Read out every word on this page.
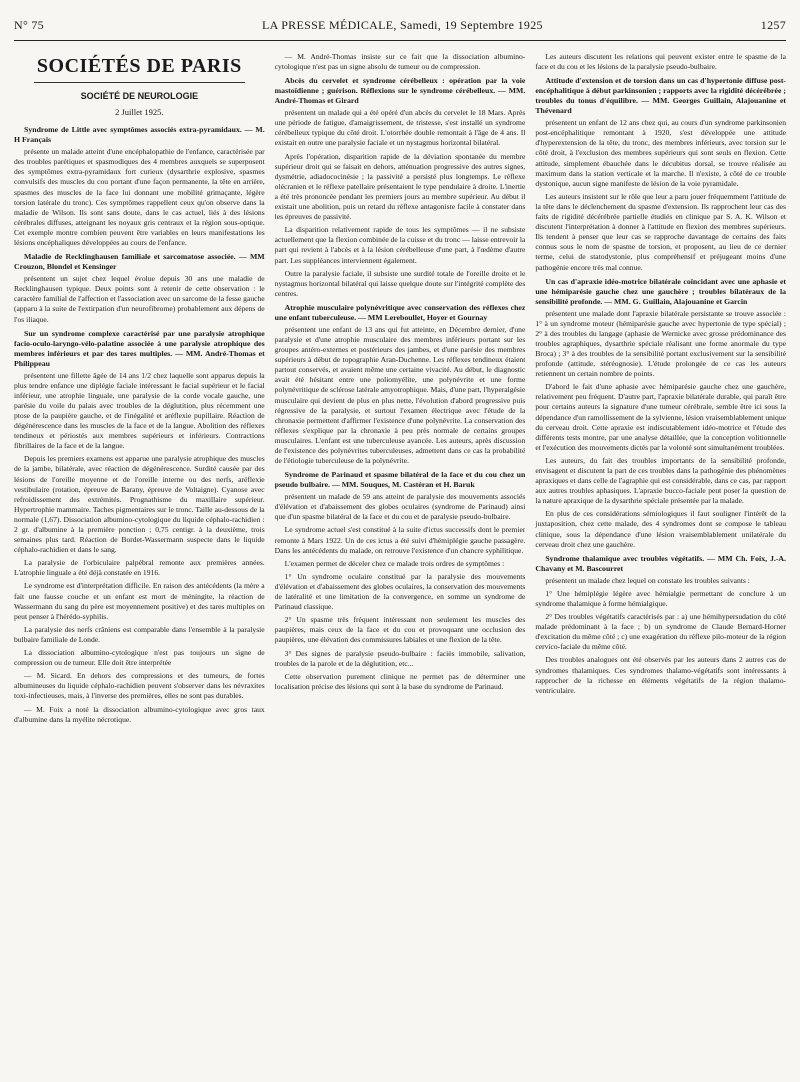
N° 75	LA PRESSE MÉDICALE, Samedi, 19 Septembre 1925	1257
SOCIÉTÉS DE PARIS
SOCIÉTÉ DE NEUROLOGIE
2 Juillet 1925.
Syndrome de Little avec symptômes associés extra-pyramidaux. — M. H Français

présente un malade atteint d'une encéphalopathie de l'enfance, caractérisée par des troubles parétiques et spasmodiques des 4 membres auxquels se superposent des symptômes extra-pyramidaux fort curieux (dysarthrie explosive, spasmes convulsifs des muscles du cou portant d'une façon permanente, la tête en arrière, spasmes des muscles de la face lui donnant une mobilité grimaçante, légère torsion latérale du tronc). Ces symptômes rappellent ceux qu'on observe dans la maladie de Wilson. Ils sont sans doute, dans le cas actuel, liés à des lésions cérébrales diffuses, atteignant les noyaux gris centraux et la région sous-optique. Cet exemple montre combien peuvent être variables en leurs manifestations les lésions encéphaliques développées au cours de l'enfance.

Maladie de Recklinghausen familiale et sarcomatose associée. — MM Crouzon, Blondel et Kensinger

présentent un sujet chez lequel évolue depuis 30 ans une maladie de Recklinghausen typique. Deux points sont à retenir de cette observation : le caractère familial de l'affection et l'association avec un sarcome de la fesse gauche (apparu à la suite de l'extirpation d'un neurofibrome) probablement aux dépens de l'os iliaque.

Sur un syndrome complexe caractérisé par une paralysie atrophique facio-oculo-laryngo-vélo-palatine associée à une paralysie atrophique des membres inférieurs et par des tares multiples. — MM. André-Thomas et Philippeau

présentent une fillette âgée de 14 ans 1/2 chez laquelle sont apparus depuis la plus tendre enfance une diplégie faciale intéressant le facial supérieur et le facial inférieur, une atrophie linguale, une paralysie de la corde vocale gauche, une parésie du voile du palais avec troubles de la déglutition, plus récemment une ptose de la paupière gauche, et de l'inégalité et aréflexie pupillaire. Réaction de dégénérescence dans les muscles de la face et de la langue. Abolition des réflexes tendineux et périostés aux membres supérieurs et inférieurs. Contractions fibrillaires de la face et de la langue.

Depuis les premiers examens est apparue une paralysie atrophique des muscles de la jambe, bilatérale, avec réaction de dégénérescence. Surdité causée par des lésions de l'oreille moyenne et de l'oreille interne ou des nerfs, aréflexie vestibulaire (rotation, épreuve de Barany, épreuve de Voltaigne). Cyanose avec refroidissement des extrémités. Prognathisme du maxillaire supérieur. Hypertrophie mammaire. Taches pigmentaires sur le tronc. Taille au-dessous de la normale (1,67). Dissociation albumino-cytologique du liquide céphalo-rachidien : 2 gr. d'albumine à la première ponction ; 0,75 centigr. à la deuxième, trois semaines plus tard. Réaction de Bordet-Wassermann suspecte dans le liquide céphalo-rachidien et dans le sang.

La paralysie de l'orbiculaire palpébral remonte aux premières années. L'atrophie linguale a été déjà constatée en 1916.

Le syndrome est d'interprétation difficile. En raison des antécédents (la mère a fait une fausse couche et un enfant est mort de méningite, la réaction de Wassermann du sang du père est moyennement positive) et des tares multiples on peut penser à l'hérédo-syphilis.

La paralysie des nerfs crâniens est comparable dans l'ensemble à la paralysie bulbaire familiale de Londe.

La dissociation albumino-cytologique n'est pas toujours un signe de compression ou de tumeur. Elle doit être interprétée

— M. Sicard. En dehors des compressions et des tumeurs, de fortes albumineuses du liquide céphalo-rachidien peuvent s'observer dans les névraxites toxi-infectieuses, mais, à l'inverse des premières, elles ne sont pas durables.

— M. Foix a noté la dissociation albumino-cytologique avec gros taux d'albumine dans la myélite nécrotique.

— M. André-Thomas insiste sur ce fait que la dissociation albumino-cytologique n'est pas un signe absolu de tumeur ou de compression.

Abcès du cervelet et syndrome cérébelleux : opération par la voie mastoïdienne ; guérison. Réflexions sur le syndrome cérébelleux. — MM. André-Thomas et Girard

présentent un malade qui a été opéré d'un abcès du cervelet le 18 Mars. Après une période de fatigue, d'amaigrissement, de tristesse, s'est installé un syndrome cérébelleux typique du côté droit. L'otorrhée double remontait à l'âge de 4 ans. Il existait en outre une paralysie faciale et un nystagmus horizontal bilatéral.

Après l'opération, disparition rapide de la déviation spontanée du membre supérieur droit qui se faisait en dehors, atténuation progressive des autres signes, dysmétrie, adiadococinésie ; la passivité a persisté plus longtemps. Le réflexe olécranien et le réflexe patellaire présentaient le type pendulaire à droite. L'inertie a été très prononcée pendant les premiers jours au membre supérieur. Au début il existait une abolition, puis un retard du réflexe antagoniste facile à constater dans les épreuves de passivité.

La disparition relativement rapide de tous les symptômes — il ne subsiste actuellement que la flexion combinée de la cuisse et du tronc — laisse entrevoir la part qui revient à l'abcès et à la lésion cérébelleuse d'une part, à l'œdème d'autre part. Les suppléances interviennent également.

Outre la paralysie faciale, il subsiste une surdité totale de l'oreille droite et le nystagmus horizontal bilatéral qui laisse quelque doute sur l'intégrité complète des centres.

Atrophie musculaire polynévritique avec conservation des réflexes chez une enfant tuberculeuse. — MM Lereboullet, Hoyer et Gournay

présentent une enfant de 13 ans qui fut atteinte, en Décembre dernier, d'une paralysie et d'une atrophie musculaire des membres inférieurs portant sur les groupes antéro-externes et postérieurs des jambes, et d'une parésie des membres supérieurs à début de topographie Aran-Duchenne. Les réflexes tendineux étaient partout conservés, et avaient même une certaine vivacité. Au début, le diagnostic avait été hésitant entre une poliomyélite, une polynévrite et une forme polynévritique de sclérose latérale amyotrophique. Mais, d'une part, l'hyperalgésie musculaire qui devient de plus en plus nette, l'évolution d'abord progressive puis régressive de la paralysie, et surtout l'examen électrique avec l'étude de la chronaxie permettent d'affirmer l'existence d'une polynévrite. La conservation des réflexes s'explique par la chronaxie à peu près normale de certains groupes musculaires. L'enfant est une tuberculeuse avancée. Les auteurs, après discussion de l'existence des polynévrites tuberculeuses, admettent dans ce cas la probabilité de l'étiologie tuberculeuse de la polynévrite.

Syndrome de Parinaud et spasme bilatéral de la face et du cou chez un pseudo bulbaire. — MM. Souques, M. Castéran et H. Baruk

présentent un malade de 59 ans atteint de paralysie des mouvements associés d'élévation et d'abaissement des globes oculaires (syndrome de Parinaud) ainsi que d'un spasme bilatéral de la face et du cou et de paralysie pseudo-bulbaire.

Le syndrome actuel s'est constitué à la suite d'ictus successifs dont le premier remonte à Mars 1922. Un de ces ictus a été suivi d'hémiplégie gauche passagère. Dans les antécédents du malade, on retrouve l'existence d'un chancre syphilitique.

L'examen permet de déceler chez ce malade trois ordres de symptômes :

1° Un syndrome oculaire constitué par la paralysie des mouvements d'élévation et d'abaissement des globes oculaires, la conservation des mouvements de latéralité et une limitation de la convergence, en somme un syndrome de Parinaud classique.

2° Un spasme très fréquent intéressant non seulement les muscles des paupières, mais ceux de la face et du cou et provoquant une occlusion des paupières, une élévation des commissures labiales et une flexion de la tête.

3° Des signes de paralysie pseudo-bulbaire : faciès immobile, salivation, troubles de la parole et de la déglutition, etc...

Cette observation purement clinique ne permet pas de déterminer une localisation précise des lésions qui sont à la base du syndrome de Parinaud.

Les auteurs discutent les relations qui peuvent exister entre le spasme de la face et du cou et les lésions de la paralysie pseudo-bulbaire.

Attitude d'extension et de torsion dans un cas d'hypertonie diffuse post-encéphalitique à début parkinsonien ; rapports avec la rigidité décérébrée ; troubles du tonus d'équilibre. — MM. Georges Guillain, Alajouanine et Thévenard

présentent un enfant de 12 ans chez qui, au cours d'un syndrome parkinsonien post-encéphalitique remontant à 1920, s'est développée une attitude d'hyperextension de la tête, du tronc, des membres inférieurs, avec torsion sur le côté droit, à l'exclusion des membres supérieurs qui sont seuls en flexion. Cette attitude, simplement ébauchée dans le décubitus dorsal, se trouve réalisée au maximum dans la station verticale et la marche. Il n'existe, à côté de ce trouble dystonique, aucun signe manifeste de lésion de la voie pyramidale.

Les auteurs insistent sur le rôle que leur a paru jouer fréquemment l'attitude de la tête dans le déclenchement du spasme d'extension. Ils rapprochent leur cas des faits de rigidité décérébrée partielle étudiés en clinique par S. A. K. Wilson et discutent l'interprétation à donner à l'attitude en flexion des membres supérieurs. Ils tendent à penser que leur cas se rapproche davantage de certains des faits connus sous le nom de spasme de torsion, et proposent, au lieu de ce dernier terme, celui de statodystonie, plus compréhensif et préjugeant moins d'une pathogénie encore très mal connue.

Un cas d'apraxie idéo-motrice bilatérale coïncidant avec une aphasie et une hémiparésie gauche chez une gauchère ; troubles bilatéraux de la sensibilité profonde. — MM. G. Guillain, Alajouanine et Garcin

présentent une malade dont l'apraxie bilatérale persistante se trouve associée : 1° à un syndrome moteur (hémiparésie gauche avec hypertonie de type spécial) ; 2° à des troubles du langage (aphasie de Wernicke avec grosse prédominance des troubles agraphiques, dysarthrie spéciale réalisant une forme anormale du type Broca) ; 3° à des troubles de la sensibilité portant exclusivement sur la sensibilité profonde (attitude, stéréognosie). L'étude prolongée de ce cas les auteurs retiennent un certain nombre de points.

D'abord le fait d'une aphasie avec hémiparésie gauche chez une gauchère, relativement peu fréquent. D'autre part, l'apraxie bilatérale durable, qui paraît être pour certains auteurs la signature d'une tumeur cérébrale, semble être ici sous la dépendance d'un ramollissement de la sylvienne, lésion vraisemblablement unique du cerveau droit. Cette apraxie est indiscutablement idéo-motrice et l'étude des différents tests montre, par une analyse détaillée, que la conception volitionnelle et l'exécution des mouvements dictés par la volonté sont simultanément troublées.

Les auteurs, du fait des troubles importants de la sensibilité profonde, envisagent et discutent la part de ces troubles dans la pathogénie des phénomènes apraxiques et dans celle de l'agraphie qui est considérable, dans ce cas, par rapport aux autres troubles aphasiques. L'apraxie bucco-faciale peut poser la question de la nature apraxique de la dysarthrie spéciale présentée par la malade.

En plus de ces considérations sémiologiques il faut souligner l'intérêt de la juxtaposition, chez cette malade, des 4 syndromes dont se compose le tableau clinique, sous la dépendance d'une lésion vraisemblablement unilatérale du cerveau droit chez une gauchère.

Syndrome thalamique avec troubles végétatifs. — MM Ch. Foix, J.-A. Chavany et M. Bascourret

présentent un malade chez lequel on constate les troubles suivants :

1° Une hémiplégie légère avec hémialgie permettant de conclure à un syndrome thalamique à forme hémialgique.

2° Des troubles végétatifs caractérisés par : a) une hémihypersudation du côté malade prédominant à la face ; b) un syndrome de Claude Bernard-Horner d'excitation du même côté ; c) une exagération du réflexe pilo-moteur de la région cervico-faciale du même côté.

Des troubles analogues ont été observés par les auteurs dans 2 autres cas de syndromes thalamiques. Ces syndromes thalamo-végétatifs sont intéressants à rapprocher de la richesse en éléments végétatifs de la région thalamo-ventriculaire.
